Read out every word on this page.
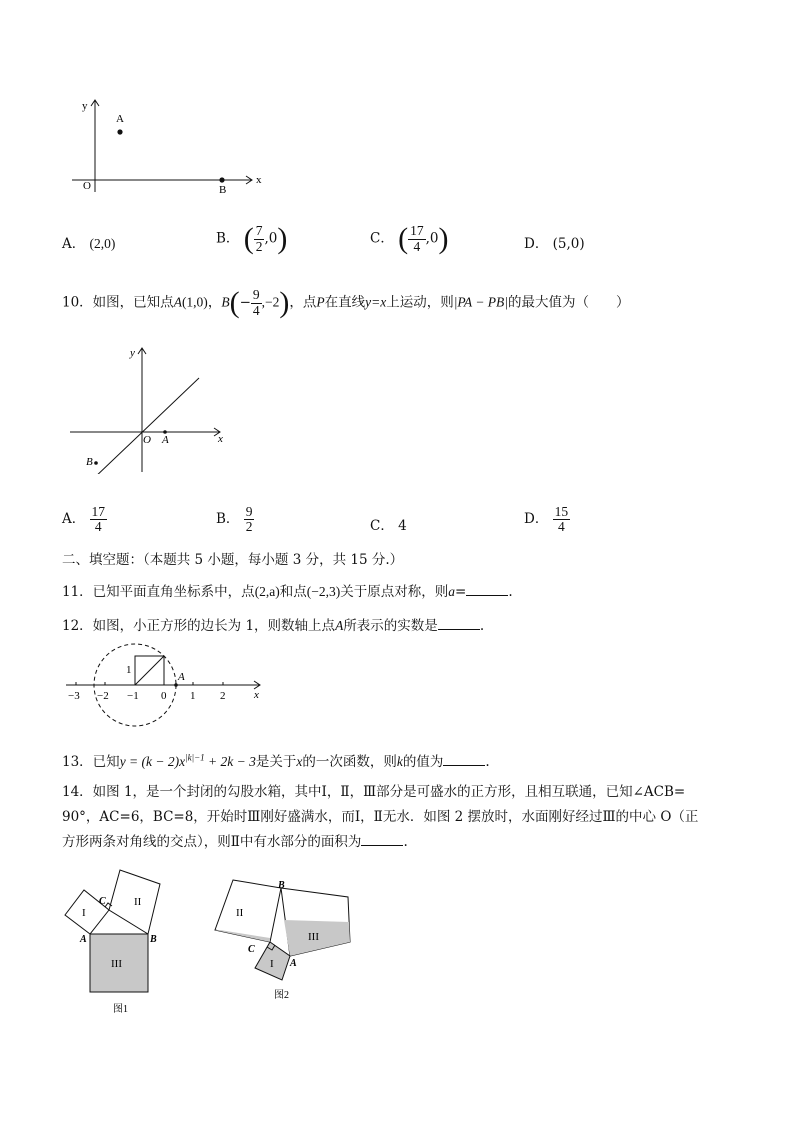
y
A
O	B
x
A． (2,0)	B． ( $\frac{7}{2} ,0$)	C． ( $\frac{17}{4} ,0$)	D． (5,0)
10．如图，已知点A(1,0)，$B(- \frac{9}{4} ,-2)$，点P在直线y=x上运动，则|PA − PB|的最大值为（　　）
y
O A
B
x
A． $\frac{17}{4}$	B． $\frac{9}{2}$	C． 4	D． $\frac{15}{4}$
二、填空题：（本题共 5 小题，每小题 3 分，共 15 分.）
11．已知平面直角坐标系中，点(2,a)和点(−2,3)关于原点对称，则a=	.
12．如图，小正方形的边长为 1，则数轴上点A所表示的实数是	.
1
A
x
−3 −2 −1 0 1 2
13．已知$y = (k - 2)x^{|k|-1} + 2k - 3$是关于x的一次函数，则k的值为	.
14．如图 1，是一个封闭的勾股水箱，其中Ⅰ，Ⅱ，Ⅲ部分是可盛水的正方形，且相互联通，已知∠ACB=
90°，AC=6，BC=8，开始时Ⅲ刚好盛满水，而Ⅰ，Ⅱ无水．如图 2 摆放时，水面刚好经过Ⅲ的中心 O（正
方形两条对角线的交点），则Ⅱ中有水部分的面积为	.
I
II
III
C
A	B
图1
II
III
I
B
C
A
图2
